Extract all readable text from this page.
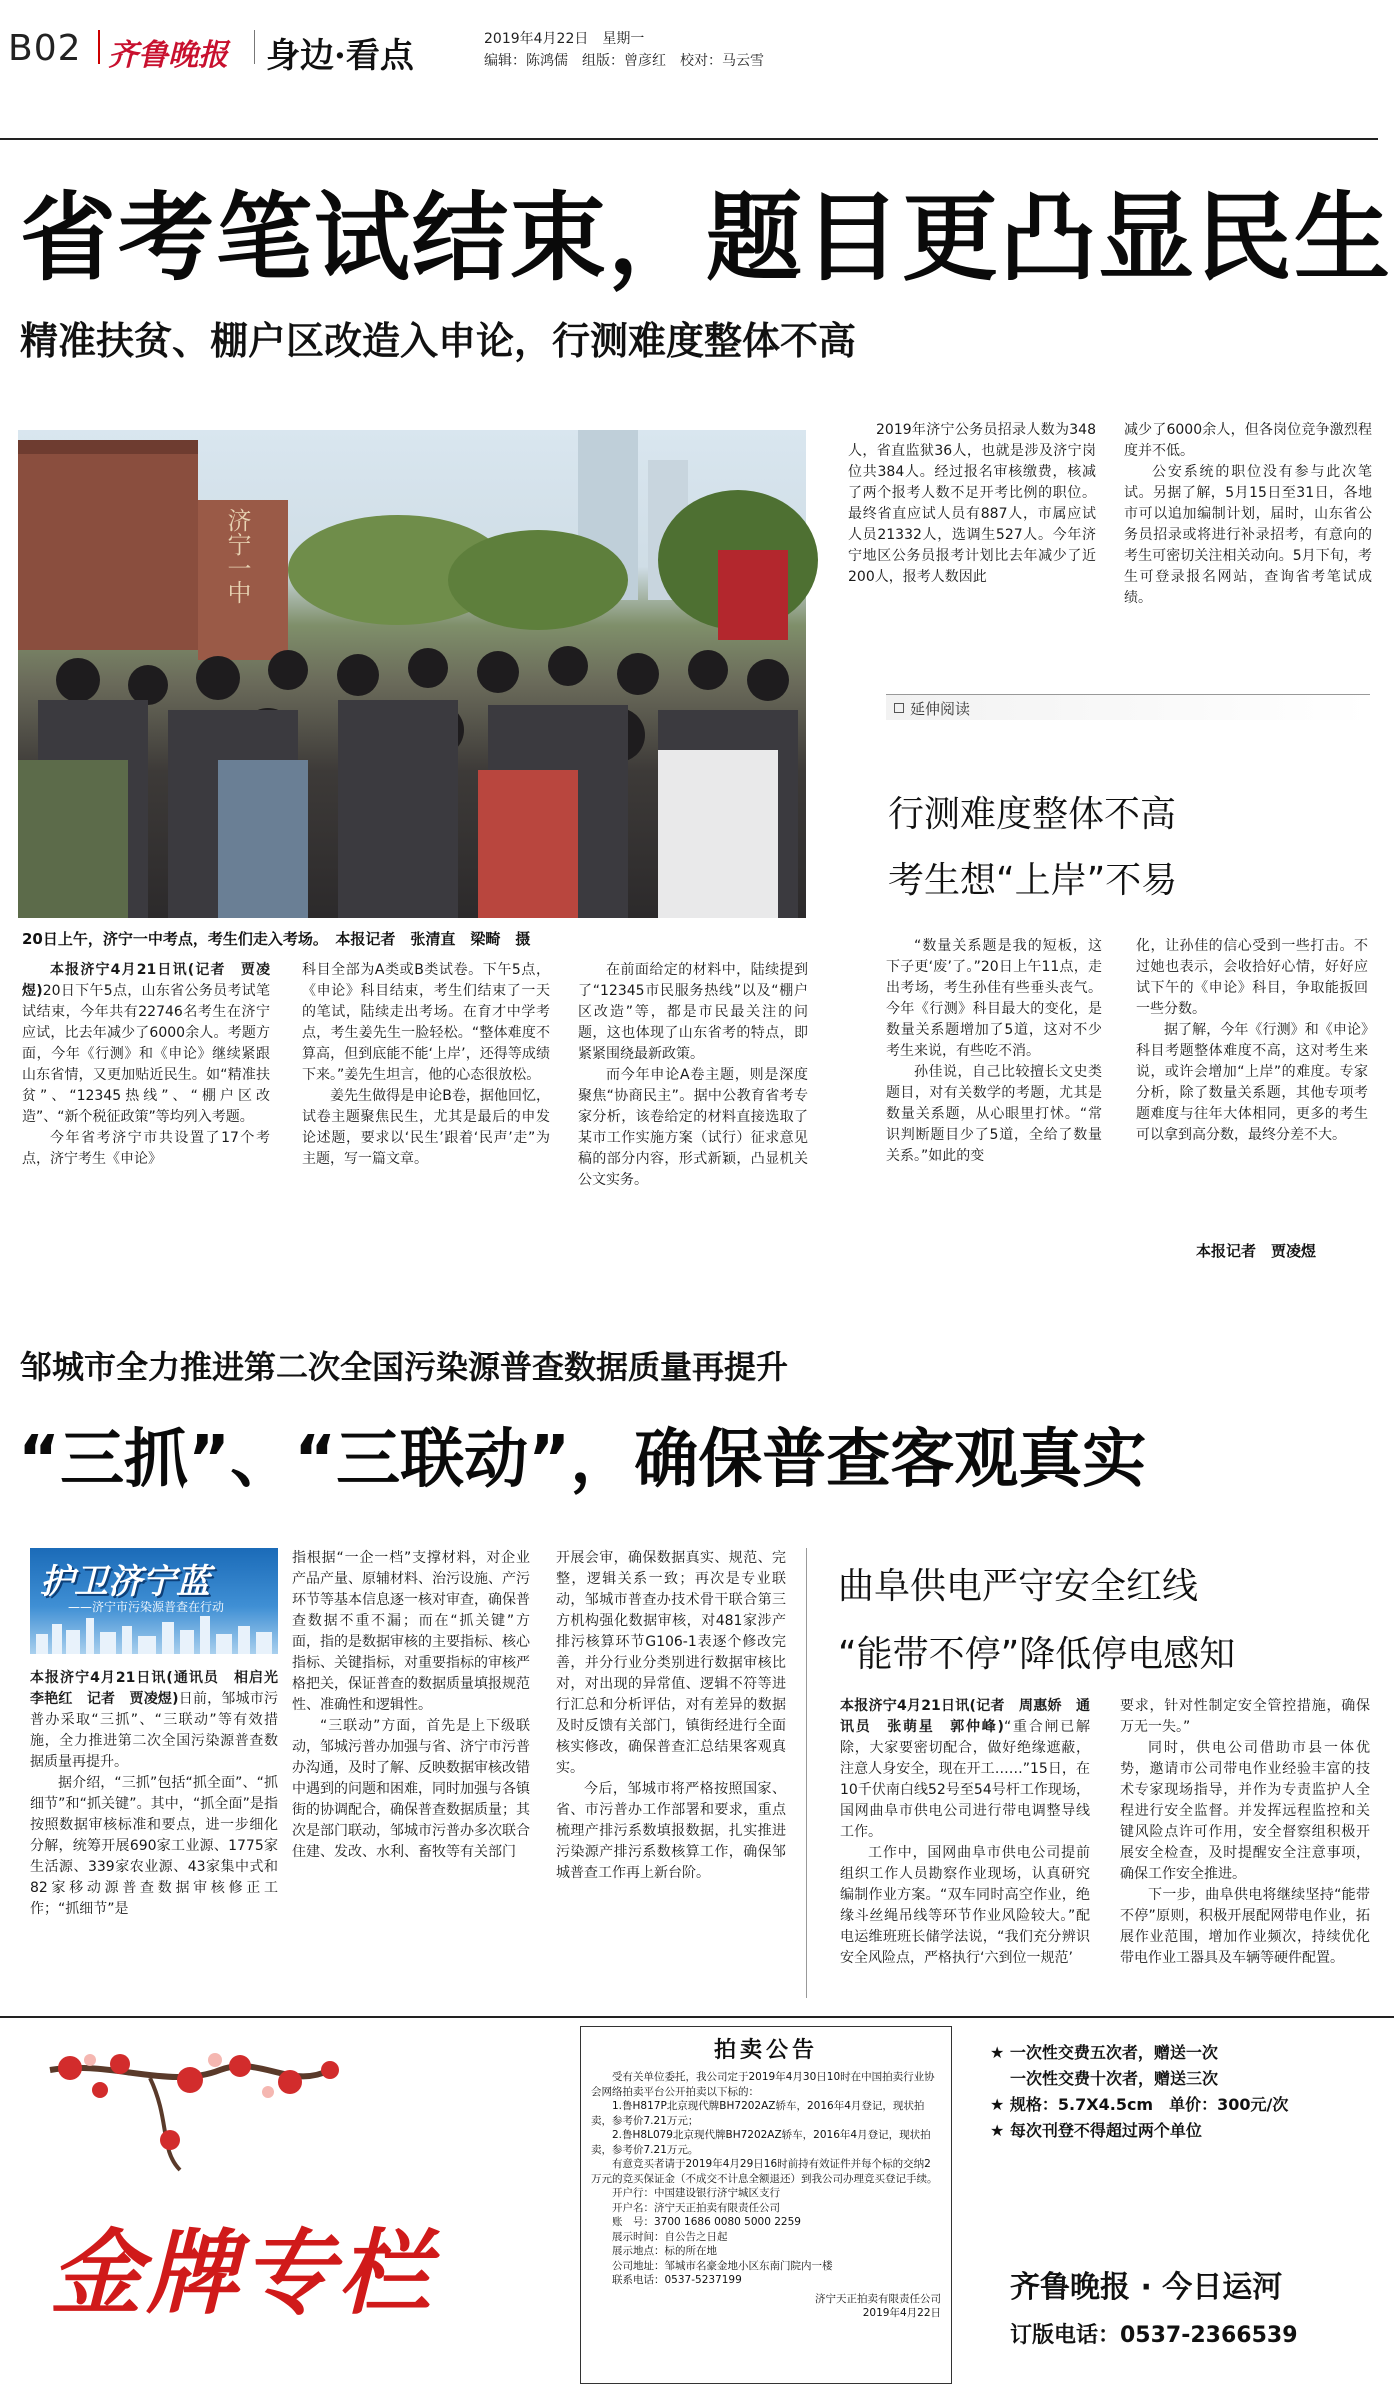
B02 齐鲁晚报 身边·看点	2019年4月22日　星期一
编辑：陈鸿儒　组版：曾彦红　校对：马云雪
省考笔试结束，题目更凸显民生
精准扶贫、棚户区改造入申论，行测难度整体不高
济宁一中
20日上午，济宁一中考点，考生们走入考场。　本报记者　张清直　梁畸　摄

本报济宁4月21日讯(记者　贾凌煜)20日下午5点，山东省公务员考试笔试结束，今年共有22746名考生在济宁应试，比去年减少了6000余人。考题方面，今年《行测》和《申论》继续紧跟山东省情，又更加贴近民生。如“精准扶贫”、“12345热线”、“棚户区改造”、“新个税征政策”等均列入考题。

今年省考济宁市共设置了17个考点，济宁考生《申论》

科目全部为A类或B类试卷。下午5点，《申论》科目结束，考生们结束了一天的笔试，陆续走出考场。在育才中学考点，考生姜先生一脸轻松。“整体难度不算高，但到底能不能‘上岸’，还得等成绩下来。”姜先生坦言，他的心态很放松。

姜先生做得是申论B卷，据他回忆，试卷主题聚焦民生，尤其是最后的申发论述题，要求以‘民生’跟着‘民声’走”为主题，写一篇文章。

在前面给定的材料中，陆续提到了“12345市民服务热线”以及“棚户区改造”等，都是市民最关注的问题，这也体现了山东省考的特点，即紧紧围绕最新政策。

而今年申论A卷主题，则是深度聚焦“协商民主”。据中公教育省考专家分析，该卷给定的材料直接选取了某市工作实施方案（试行）征求意见稿的部分内容，形式新颖，凸显机关公文实务。

2019年济宁公务员招录人数为348人，省直监狱36人，也就是涉及济宁岗位共384人。经过报名审核缴费，核减了两个报考人数不足开考比例的职位。最终省直应试人员有887人，市属应试人员21332人，选调生527人。今年济宁地区公务员报考计划比去年减少了近200人，报考人数因此

减少了6000余人，但各岗位竞争激烈程度并不低。

公安系统的职位没有参与此次笔试。另据了解，5月15日至31日，各地市可以追加编制计划，届时，山东省公务员招录或将进行补录招考，有意向的考生可密切关注相关动向。5月下旬，考生可登录报名网站，查询省考笔试成绩。

延伸阅读
行测难度整体不高
考生想“上岸”不易

“数量关系题是我的短板，这下子更‘废’了。”20日上午11点，走出考场，考生孙佳有些垂头丧气。今年《行测》科目最大的变化，是数量关系题增加了5道，这对不少考生来说，有些吃不消。

孙佳说，自己比较擅长文史类题目，对有关数学的考题，尤其是数量关系题，从心眼里打怵。“常识判断题目少了5道，全给了数量关系。”如此的变

化，让孙佳的信心受到一些打击。不过她也表示，会收拾好心情，好好应试下午的《申论》科目，争取能扳回一些分数。

据了解，今年《行测》和《申论》科目考题整体难度不高，这对考生来说，或许会增加“上岸”的难度。专家分析，除了数量关系题，其他专项考题难度与往年大体相同，更多的考生可以拿到高分数，最终分差不大。

本报记者　贾凌煜
邹城市全力推进第二次全国污染源普查数据质量再提升
“三抓”、“三联动”，确保普查客观真实
护卫济宁蓝
——济宁市污染源普查在行动

本报济宁4月21日讯(通讯员　相启光　李艳红　记者　贾凌煜)日前，邹城市污普办采取“三抓”、“三联动”等有效措施，全力推进第二次全国污染源普查数据质量再提升。

据介绍，“三抓”包括“抓全面”、“抓细节”和“抓关键”。其中，“抓全面”是指按照数据审核标准和要点，进一步细化分解，统筹开展690家工业源、1775家生活源、339家农业源、43家集中式和82家移动源普查数据审核修正工作；“抓细节”是

指根据“一企一档”支撑材料，对企业产品产量、原辅材料、治污设施、产污环节等基本信息逐一核对审查，确保普查数据不重不漏；而在“抓关键”方面，指的是数据审核的主要指标、核心指标、关键指标，对重要指标的审核严格把关，保证普查的数据质量填报规范性、准确性和逻辑性。

“三联动”方面，首先是上下级联动，邹城污普办加强与省、济宁市污普办沟通，及时了解、反映数据审核改错中遇到的问题和困难，同时加强与各镇街的协调配合，确保普查数据质量；其次是部门联动，邹城市污普办多次联合住建、发改、水利、畜牧等有关部门

开展会审，确保数据真实、规范、完整，逻辑关系一致；再次是专业联动，邹城市普查办技术骨干联合第三方机构强化数据审核，对481家涉产排污核算环节G106-1表逐个修改完善，并分行业分类别进行数据审核比对，对出现的异常值、逻辑不符等进行汇总和分析评估，对有差异的数据及时反馈有关部门，镇街经进行全面核实修改，确保普查汇总结果客观真实。

今后，邹城市将严格按照国家、省、市污普办工作部署和要求，重点梳理产排污系数填报数据，扎实推进污染源产排污系数核算工作，确保邹城普查工作再上新台阶。

曲阜供电严守安全红线
“能带不停”降低停电感知

本报济宁4月21日讯(记者　周惠娇　通讯员　张萌星　郭仲峰)“重合闸已解除，大家要密切配合，做好绝缘遮蔽，注意人身安全，现在开工……”15日，在10千伏南白线52号至54号杆工作现场，国网曲阜市供电公司进行带电调整导线工作。

工作中，国网曲阜市供电公司提前组织工作人员勘察作业现场，认真研究编制作业方案。“双车同时高空作业，绝缘斗丝绳吊线等环节作业风险较大。”配电运维班班长储学法说，“我们充分辨识安全风险点，严格执行‘六到位一规范’

要求，针对性制定安全管控措施，确保万无一失。”

同时，供电公司借助市县一体优势，邀请市公司带电作业经验丰富的技术专家现场指导，并作为专责监护人全程进行安全监督。并发挥远程监控和关键风险点许可作用，安全督察组积极开展安全检查，及时提醒安全注意事项，确保工作安全推进。

下一步，曲阜供电将继续坚持“能带不停”原则，积极开展配网带电作业，拓展作业范围，增加作业频次，持续优化带电作业工器具及车辆等硬件配置。

金牌专栏
拍卖公告
受有关单位委托，我公司定于2019年4月30日10时在中国拍卖行业协会网络拍卖平台公开拍卖以下标的：
1.鲁H817P北京现代牌BH7202AZ轿车，2016年4月登记，现状拍卖，参考价7.21万元；
2.鲁H8L079北京现代牌BH7202AZ轿车，2016年4月登记，现状拍卖，参考价7.21万元。
有意竞买者请于2019年4月29日16时前持有效证件并每个标的交纳2万元的竞买保证金（不成交不计息全额退还）到我公司办理竞买登记手续。
开户行：中国建设银行济宁城区支行
开户名：济宁天正拍卖有限责任公司
账　号：3700 1686 0080 5000 2259
展示时间：自公告之日起
展示地点：标的所在地
公司地址：邹城市名豪金地小区东南门院内一楼
联系电话：0537-5237199
济宁天正拍卖有限责任公司
2019年4月22日
★ 一次性交费五次者，赠送一次
一次性交费十次者，赠送三次
★ 规格：5.7X4.5cm　单价：300元/次
★ 每次刊登不得超过两个单位
齐鲁晚报 · 今日运河
订版电话：0537-2366539
